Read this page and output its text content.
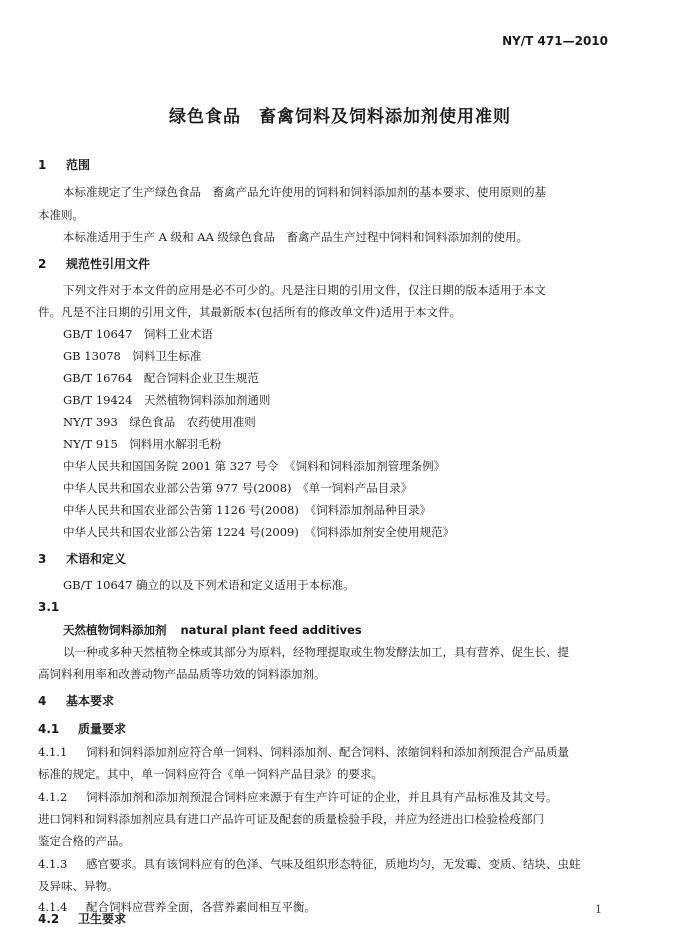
NY/T 471—2010
绿色食品　畜禽饲料及饲料添加剂使用准则
1 范围
本标准规定了生产绿色食品　畜禽产品允许使用的饲料和饲料添加剂的基本要求、使用原则的基
本准则。
本标准适用于生产 A 级和 AA 级绿色食品　畜禽产品生产过程中饲料和饲料添加剂的使用。
2 规范性引用文件
下列文件对于本文件的应用是必不可少的。凡是注日期的引用文件，仅注日期的版本适用于本文
件。凡是不注日期的引用文件，其最新版本(包括所有的修改单文件)适用于本文件。
GB/T 10647　饲料工业术语
GB 13078　饲料卫生标准
GB/T 16764　配合饲料企业卫生规范
GB/T 19424　天然植物饲料添加剂通则
NY/T 393　绿色食品　农药使用准则
NY/T 915　饲料用水解羽毛粉
中华人民共和国国务院 2001 第 327 号令　《饲料和饲料添加剂管理条例》
中华人民共和国农业部公告第 977 号(2008)　《单一饲料产品目录》
中华人民共和国农业部公告第 1126 号(2008)　《饲料添加剂品种目录》
中华人民共和国农业部公告第 1224 号(2009)　《饲料添加剂安全使用规范》
3 术语和定义
GB/T 10647 确立的以及下列术语和定义适用于本标准。
3.1
天然植物饲料添加剂 natural plant feed additives
以一种或多种天然植物全株或其部分为原料，经物理提取或生物发酵法加工，具有营养、促生长、提
高饲料利用率和改善动物产品品质等功效的饲料添加剂。
4 基本要求
4.1 质量要求
4.1.1 饲料和饲料添加剂应符合单一饲料、饲料添加剂、配合饲料、浓缩饲料和添加剂预混合产品质量
标准的规定。其中，单一饲料应符合《单一饲料产品目录》的要求。
4.1.2 饲料添加剂和添加剂预混合饲料应来源于有生产许可证的企业，并且具有产品标准及其文号。
进口饲料和饲料添加剂应具有进口产品许可证及配套的质量检验手段，并应为经进出口检验检疫部门
鉴定合格的产品。
4.1.3 感官要求。具有该饲料应有的色泽、气味及组织形态特征，质地均匀，无发霉、变质、结块、虫蛀
及异味、异物。
4.1.4 配合饲料应营养全面，各营养素间相互平衡。
4.2 卫生要求
1
